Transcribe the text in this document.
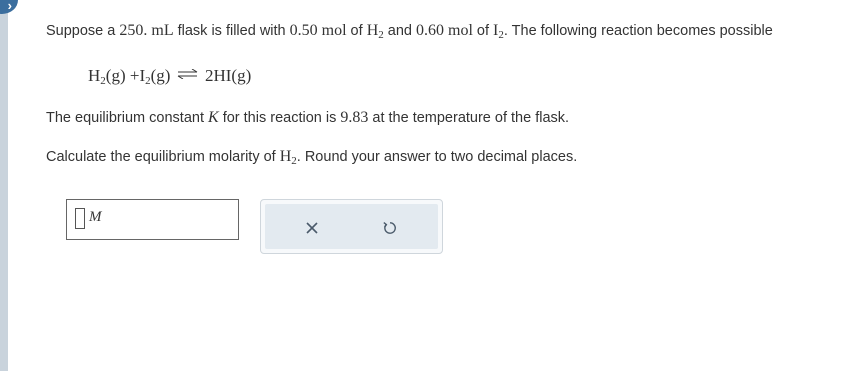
›
Suppose a 250. mL flask is filled with 0.50 mol of $H_2$ and 0.60 mol of $I_2$. The following reaction becomes possible
$H_2(g) +I_2(g)$ ⇌ 2HI(g)
The equilibrium constant K for this reaction is 9.83 at the temperature of the flask.
Calculate the equilibrium molarity of $H_2$. Round your answer to two decimal places.
M
